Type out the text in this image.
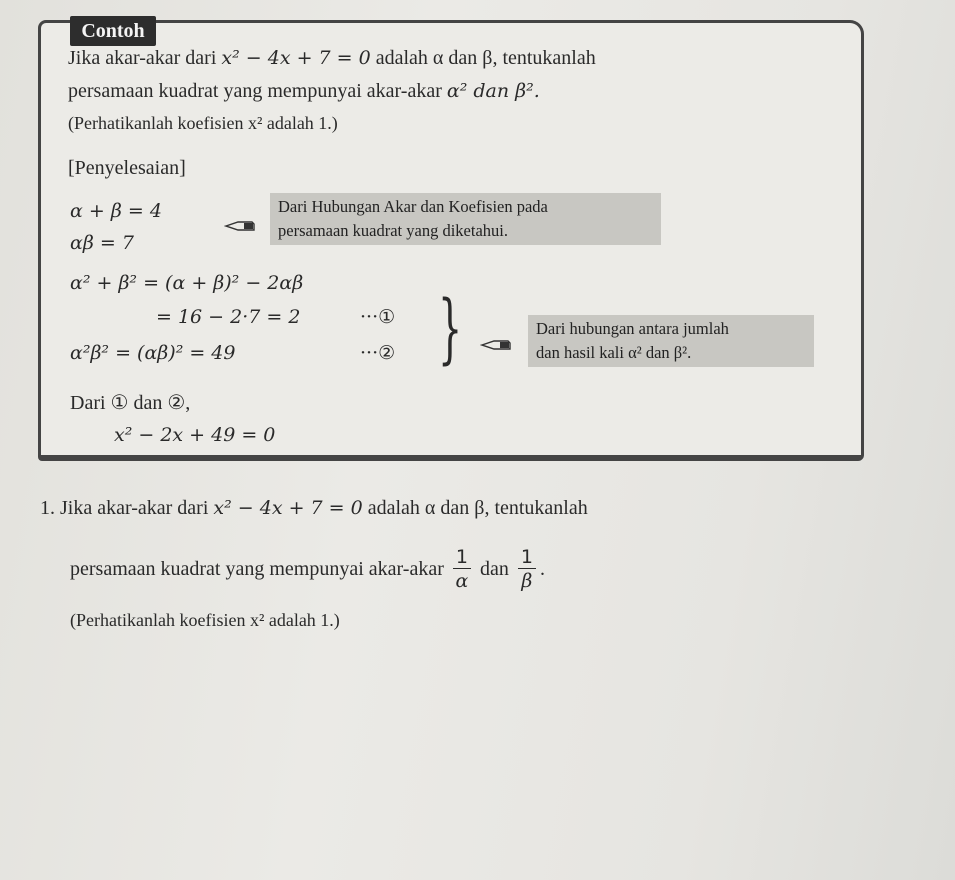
Contoh
Jika akar-akar dari x² − 4x + 7 = 0 adalah α dan β, tentukanlah
persamaan kuadrat yang mempunyai akar-akar α² dan β².
(Perhatikanlah koefisien x² adalah 1.)
[Penyelesaian]
α + β = 4
αβ = 7
Dari Hubungan Akar dan Koefisien pada
persamaan kuadrat yang diketahui.
α² + β² = (α + β)² − 2αβ
= 16 − 2·7 = 2	···①
α²β² = (αβ)² = 49	···② }	Dari hubungan antara jumlah
dan hasil kali α² dan β².
Dari ① dan ②,
x² − 2x + 49 = 0
1. Jika akar-akar dari x² − 4x + 7 = 0 adalah α dan β, tentukanlah
persamaan kuadrat yang mempunyai akar-akar $\frac{1}{\alpha}$ dan $\frac{1}{\beta}$ .
(Perhatikanlah koefisien x² adalah 1.)
